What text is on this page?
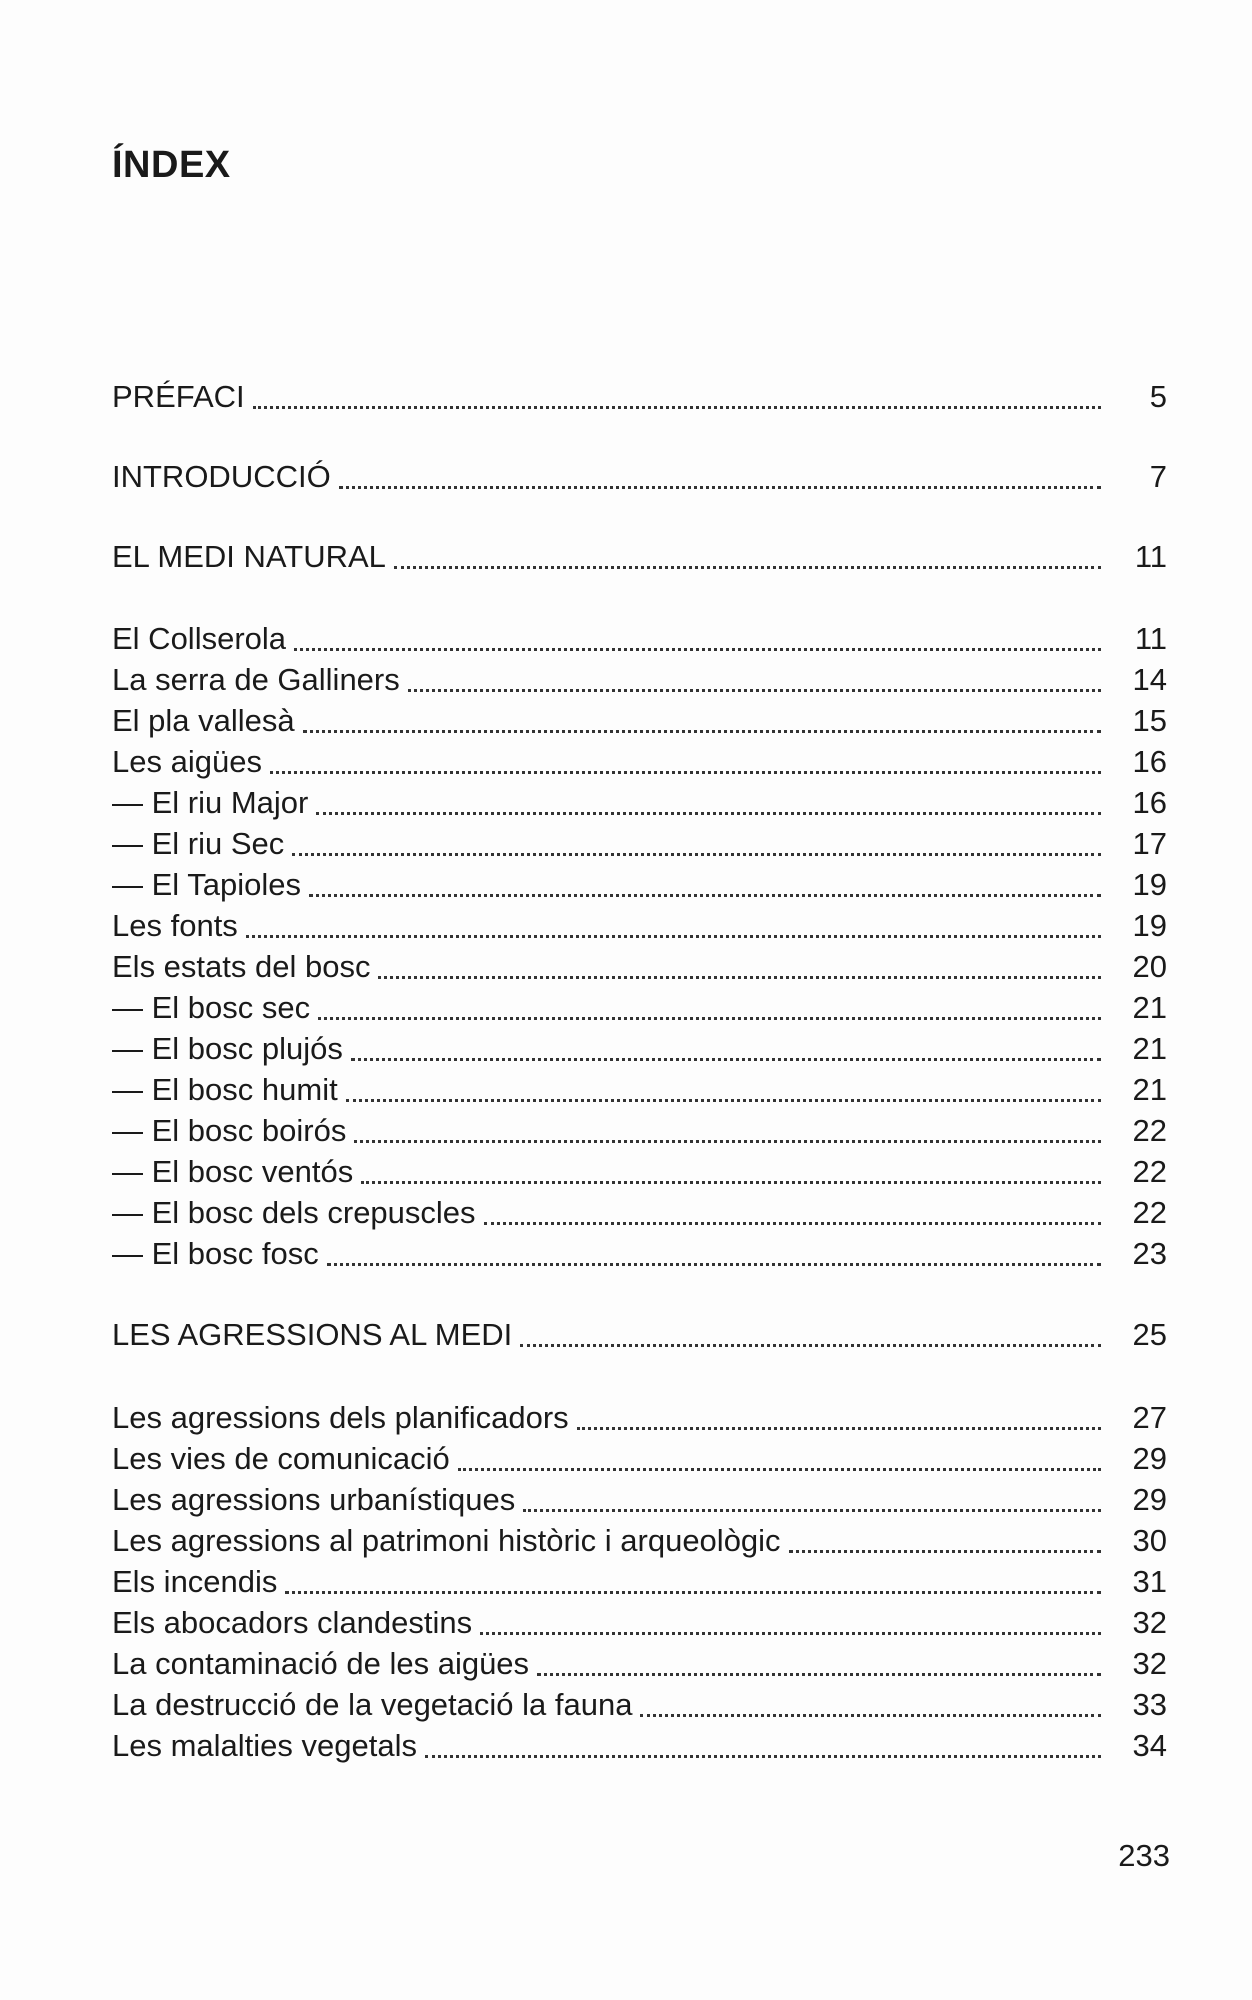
ÍNDEX
PRÉFACI	5
INTRODUCCIÓ	7
EL MEDI NATURAL	11
El Collserola	11
La serra de Galliners	14
El pla vallesà	15
Les aigües	16
— El riu Major	16
— El riu Sec	17
— El Tapioles	19
Les fonts	19
Els estats del bosc	20
— El bosc sec	21
— El bosc plujós	21
— El bosc humit	21
— El bosc boirós	22
— El bosc ventós	22
— El bosc dels crepuscles	22
— El bosc fosc	23
LES AGRESSIONS AL MEDI	25
Les agressions dels planificadors	27
Les vies de comunicació	29
Les agressions urbanístiques	29
Les agressions al patrimoni històric i arqueològic	30
Els incendis	31
Els abocadors clandestins	32
La contaminació de les aigües	32
La destrucció de la vegetació la fauna	33
Les malalties vegetals	34
233
